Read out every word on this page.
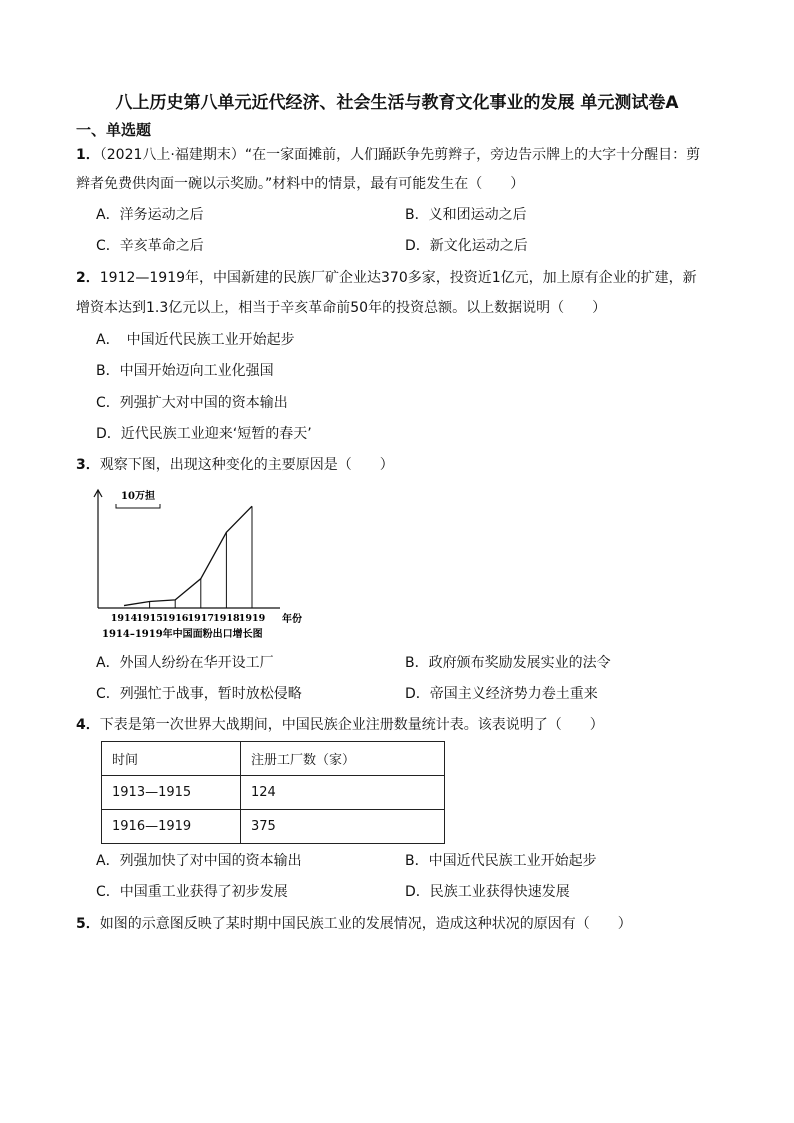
八上历史第八单元近代经济、社会生活与教育文化事业的发展 单元测试卷A
一、单选题
1．（2021八上·福建期末）“在一家面摊前，人们踊跃争先剪辫子，旁边告示牌上的大字十分醒目：剪
辫者免费供肉面一碗以示奖励。”材料中的情景，最有可能发生在（　　）
A．洋务运动之后	B．义和团运动之后
C．辛亥革命之后	D．新文化运动之后
2．1912—1919年，中国新建的民族厂矿企业达370多家，投资近1亿元，加上原有企业的扩建，新
增资本达到1.3亿元以上，相当于辛亥革命前50年的投资总额。以上数据说明（　　）
A．　中国近代民族工业开始起步
B．中国开始迈向工业化强国
C．列强扩大对中国的资本输出
D．近代民族工业迎来‘短暂的春天’
3．观察下图，出现这种变化的主要原因是（　　）
10万担
1914 1915 1916 1917 1918 1919 年份
1914–1919年中国面粉出口增长图
A．外国人纷纷在华开设工厂	B．政府颁布奖励发展实业的法令
C．列强忙于战事，暂时放松侵略	D．帝国主义经济势力卷土重来
4．下表是第一次世界大战期间，中国民族企业注册数量统计表。该表说明了（　　）
时间	注册工厂数（家）
1913—1915	124
1916—1919	375
A．列强加快了对中国的资本输出	B．中国近代民族工业开始起步
C．中国重工业获得了初步发展	D．民族工业获得快速发展
5．如图的示意图反映了某时期中国民族工业的发展情况，造成这种状况的原因有（　　）
